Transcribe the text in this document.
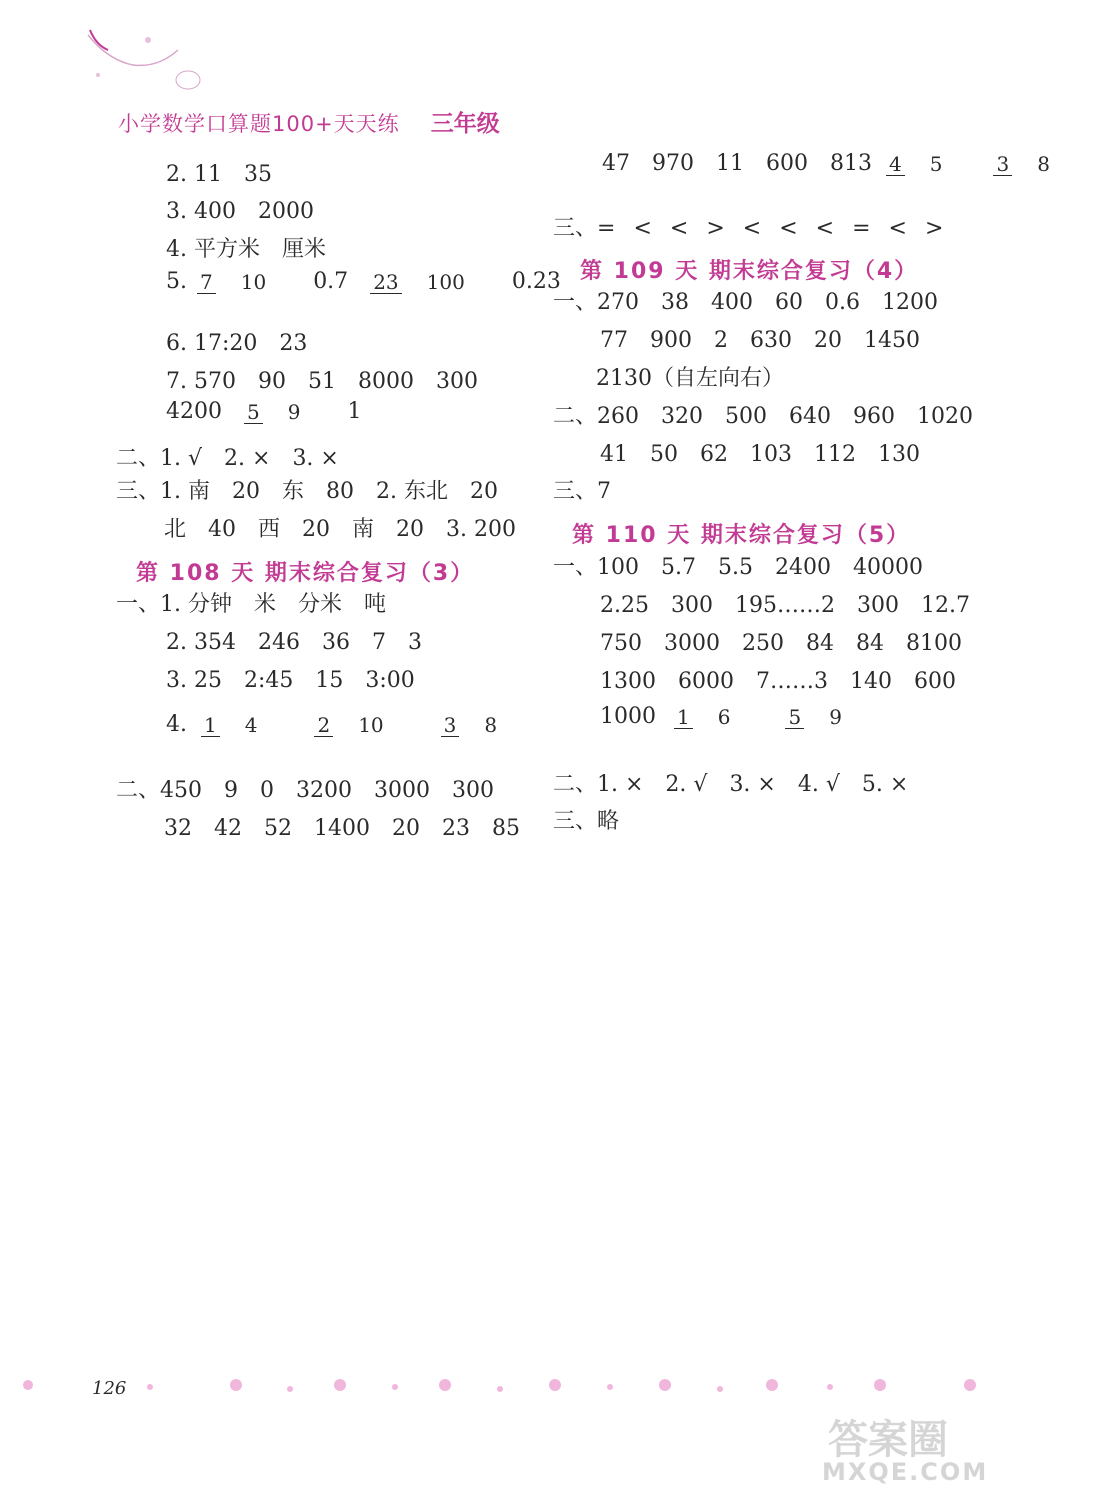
小学数学口算题100+天天练 三年级
2. 11 35
3. 400 2000
4. 平方米 厘米
5. 7 10 0.7 23 100 0.23
6. 17:20 23
7. 570 90 51 8000 300
4200 5 9 1
二、1. √ 2. × 3. ×
三、1. 南 20 东 80 2. 东北 20
北 40 西 20 南 20 3. 200
第 108 天 期末综合复习（3）
一、1. 分钟 米 分米 吨
2. 354 246 36 7 3
3. 25 2:45 15 3:00
4. 1 4	2 10	3 8
二、450 9 0 3200 3000 300
32 42 52 1400 20 23 85
47 970 11 600 813 4 5	3 8
三、= < < > < < < = < >
第 109 天 期末综合复习（4）
一、270 38 400 60 0.6 1200
77 900 2 630 20 1450
2130（自左向右）
二、260 320 500 640 960 1020
41 50 62 103 112 130
三、7
第 110 天 期末综合复习（5）
一、100 5.7 5.5 2400 40000
2.25 300 195……2 300 12.7
750 3000 250 84 84 8100
1300 6000 7……3 140 600
1000 1 6	5 9
二、1. × 2. √ 3. × 4. √ 5. ×
三、略
126
答案圈
MXQE.COM
